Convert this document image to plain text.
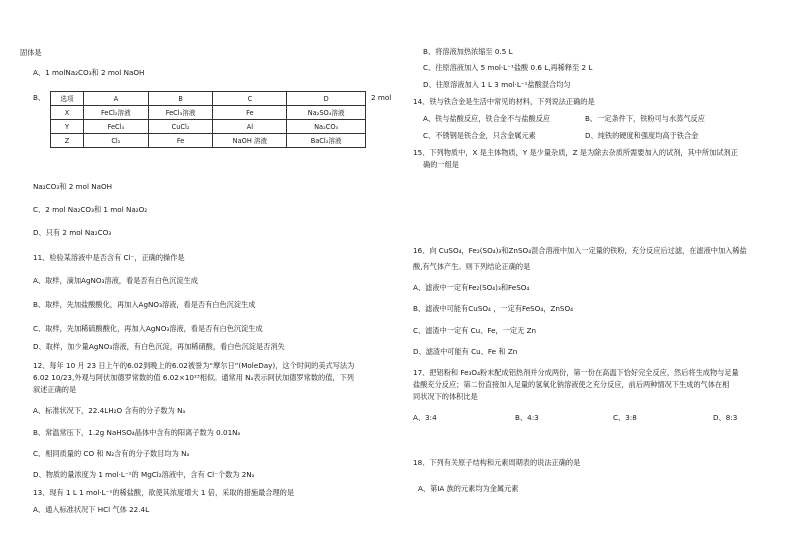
固体是
A、1 molNa₂CO₃和 2 mol NaOH
B、 选项	A	B	C	D
X	FeCl₂溶液	FeCl₃溶液	Fe	Na₂SO₄溶液
Y	FeCl₃	CuCl₂	Al	Na₂CO₃
Z	Cl₂	Fe	NaOH 溶液	BaCl₂溶液
2 mol
Na₂CO₃和 2 mol NaOH
C、2 mol Na₂CO₃和 1 mol Na₂O₂
D、只有 2 mol Na₂CO₃
11、检验某溶液中是否含有 Cl⁻，正确的操作是
A、取样，滴加AgNO₃溶液，看是否有白色沉淀生成
B、取样，先加盐酸酸化，再加入AgNO₃溶液，看是否有白色沉淀生成
C、取样，先加稀硫酸酸化，再加入AgNO₃溶液，看是否有白色沉淀生成
D、取样，加少量AgNO₃溶液，有白色沉淀，再加稀硝酸，看白色沉淀是否消失
12、每年 10 月 23 日上午的6.02到晚上的6.02被誉为“摩尔日”(MoleDay)，这个时间的美式写法为
6.02 10/23,外观与阿伏加德罗常数的值 6.02×10²³相似。通常用 Nₐ表示阿伏加德罗常数的值，下列
叙述正确的是
A、标准状况下，22.4LH₂O 含有的分子数为 Nₐ
B、常温常压下，1.2g NaHSO₄晶体中含有的阳离子数为 0.01Nₐ
C、相同质量的 CO 和 N₂含有的分子数目均为 Nₐ
D、物质的量浓度为 1 mol·L⁻¹的 MgCl₂溶液中，含有 Cl⁻个数为 2Nₐ
13、现有 1 L 1 mol·L⁻¹的稀盐酸，欲使其浓度增大 1 倍，采取的措施最合理的是
A、通入标准状况下 HCl 气体 22.4L
B、将溶液加热浓缩至 0.5 L
C、往原溶液加入 5 mol·L⁻¹盐酸 0.6 L,再稀释至 2 L
D、往原溶液加入 1 L 3 mol·L⁻¹盐酸混合均匀
14、铁与铁合金是生活中常见的材料，下列说法正确的是
A、铁与盐酸反应，铁合金不与盐酸反应	B、一定条件下，铁粉可与水蒸气反应
C、不锈钢是铁合金，只含金属元素	D、纯铁的硬度和强度均高于铁合金
15、下列物质中，X 是主体物质，Y 是少量杂质，Z 是为除去杂质所需要加入的试剂，其中所加试剂正
确的一组是
16、向 CuSO₄，Fe₂(SO₄)₃和ZnSO₄混合溶液中加入一定量的铁粉，充分反应后过滤，在滤液中加入稀盐
酸,有气体产生。则下列结论正确的是
A、滤液中一定有Fe₂(SO₄)₃和FeSO₄
B、滤液中可能有CuSO₄ ，一定有FeSO₄，ZnSO₄
C、滤渣中一定有 Cu、Fe，一定无 Zn
D、滤渣中可能有 Cu、Fe 和 Zn
17、把铝粉和 Fe₃O₄粉末配成铝热剂并分成两份，第一份在高温下恰好完全反应，然后将生成物与足量
盐酸充分反应；第二份直接加入足量的氢氧化钠溶液使之充分反应，前后两种情况下生成的气体在相
同状况下的体积比是
A、3:4	B、4:3	C、3:8	D、8:3
18、下列有关原子结构和元素周期表的说法正确的是
A、第ⅠA 族的元素均为金属元素
